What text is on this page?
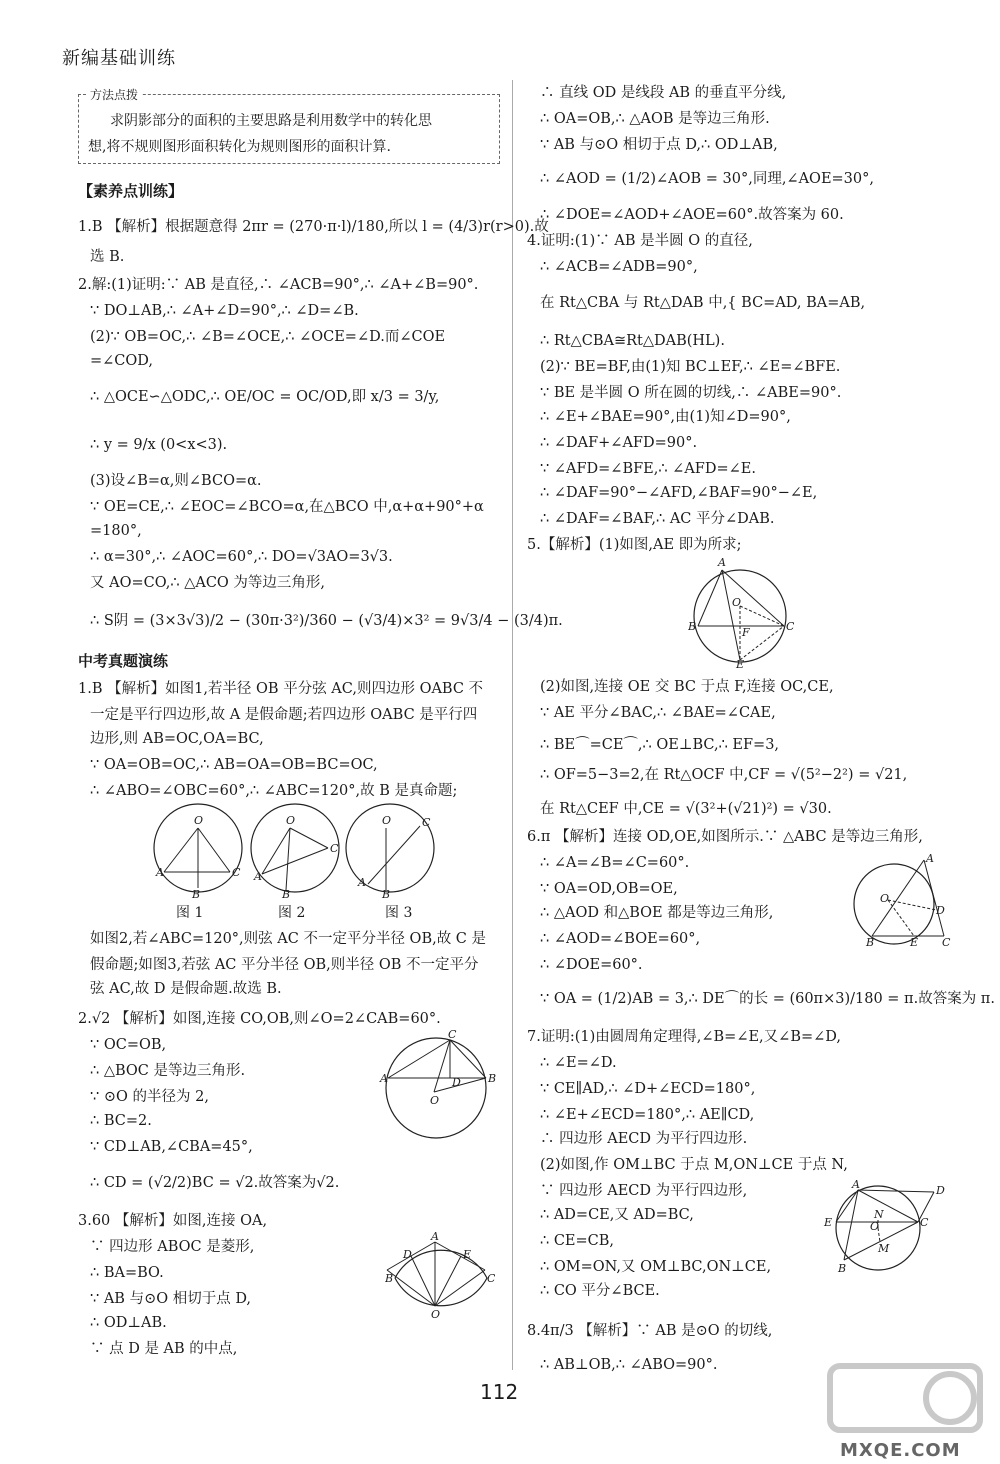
新编基础训练
方法点拨
求阴影部分的面积的主要思路是利用数学中的转化思
想,将不规则图形面积转化为规则图形的面积计算.
【素养点训练】
1.B 【解析】根据题意得 2πr = (270·π·l)/180,所以 l = (4/3)r(r>0).故
选 B.
2.解:(1)证明:∵ AB 是直径,∴ ∠ACB=90°,∴ ∠A+∠B=90°.
∵ DO⊥AB,∴ ∠A+∠D=90°,∴ ∠D=∠B.
(2)∵ OB=OC,∴ ∠B=∠OCE,∴ ∠OCE=∠D.而∠COE
=∠COD,
∴ △OCE∽△ODC,∴ OE/OC = OC/OD,即 x/3 = 3/y,
∴ y = 9/x (0<x<3).
(3)设∠B=α,则∠BCO=α.
∵ OE=CE,∴ ∠EOC=∠BCO=α,在△BCO 中,α+α+90°+α
=180°,
∴ α=30°,∴ ∠AOC=60°,∴ DO=√3AO=3√3.
又 AO=CO,∴ △ACO 为等边三角形,
∴ S阴 = (3×3√3)/2 − (30π·3²)/360 − (√3/4)×3² = 9√3/4 − (3/4)π.
中考真题演练
1.B 【解析】如图1,若半径 OB 平分弦 AC,则四边形 OABC 不
一定是平行四边形,故 A 是假命题;若四边形 OABC 是平行四
边形,则 AB=OC,OA=BC,
∵ OA=OB=OC,∴ AB=OA=OB=BC=OC,
∴ ∠ABO=∠OBC=60°,∴ ∠ABC=120°,故 B 是真命题;
O
A	C
B
O
A
C
B
O
A
C
B
图 1	图 2	图 3
如图2,若∠ABC=120°,则弦 AC 不一定平分半径 OB,故 C 是
假命题;如图3,若弦 AC 平分半径 OB,则半径 OB 不一定平分
弦 AC,故 D 是假命题.故选 B.
2.√2 【解析】如图,连接 CO,OB,则∠O=2∠CAB=60°.
∵ OC=OB,
∴ △BOC 是等边三角形.
∵ ⊙O 的半径为 2,
∴ BC=2.
∵ CD⊥AB,∠CBA=45°,
∴ CD = (√2/2)BC = √2.故答案为√2.
A	B
C
D
O
3.60 【解析】如图,连接 OA,
∵ 四边形 ABOC 是菱形,
∴ BA=BO.
∵ AB 与⊙O 相切于点 D,
∴ OD⊥AB.
∵ 点 D 是 AB 的中点,
A
D	E
B	C
O
∴ 直线 OD 是线段 AB 的垂直平分线,
∴ OA=OB,∴ △AOB 是等边三角形.
∵ AB 与⊙O 相切于点 D,∴ OD⊥AB,
∴ ∠AOD = (1/2)∠AOB = 30°,同理,∠AOE=30°,
∴ ∠DOE=∠AOD+∠AOE=60°.故答案为 60.
4.证明:(1)∵ AB 是半圆 O 的直径,
∴ ∠ACB=∠ADB=90°,
在 Rt△CBA 与 Rt△DAB 中,{ BC=AD, BA=AB,
∴ Rt△CBA≅Rt△DAB(HL).
(2)∵ BE=BF,由(1)知 BC⊥EF,∴ ∠E=∠BFE.
∵ BE 是半圆 O 所在圆的切线,∴ ∠ABE=90°.
∴ ∠E+∠BAE=90°,由(1)知∠D=90°,
∴ ∠DAF+∠AFD=90°.
∵ ∠AFD=∠BFE,∴ ∠AFD=∠E.
∴ ∠DAF=90°−∠AFD,∠BAF=90°−∠E,
∴ ∠DAF=∠BAF,∴ AC 平分∠DAB.
5.【解析】(1)如图,AE 即为所求;
A
B	C
O
F
E
(2)如图,连接 OE 交 BC 于点 F,连接 OC,CE,
∵ AE 平分∠BAC,∴ ∠BAE=∠CAE,
∴ BE⌒=CE⌒,∴ OE⊥BC,∴ EF=3,
∴ OF=5−3=2,在 Rt△OCF 中,CF = √(5²−2²) = √21,
在 Rt△CEF 中,CE = √(3²+(√21)²) = √30.
6.π 【解析】连接 OD,OE,如图所示.∵ △ABC 是等边三角形,
∴ ∠A=∠B=∠C=60°.
∵ OA=OD,OB=OE,
∴ △AOD 和△BOE 都是等边三角形,
∴ ∠AOD=∠BOE=60°,
∴ ∠DOE=60°.
A
B	C
D
E
O
∵ OA = (1/2)AB = 3,∴ DE⌒的长 = (60π×3)/180 = π.故答案为 π.
7.证明:(1)由圆周角定理得,∠B=∠E,又∠B=∠D,
∴ ∠E=∠D.
∵ CE∥AD,∴ ∠D+∠ECD=180°,
∴ ∠E+∠ECD=180°,∴ AE∥CD,
∴ 四边形 AECD 为平行四边形.
(2)如图,作 OM⊥BC 于点 M,ON⊥CE 于点 N,
∵ 四边形 AECD 为平行四边形,
∴ AD=CE,又 AD=BC,
∴ CE=CB,
∴ OM=ON,又 OM⊥BC,ON⊥CE,
∴ CO 平分∠BCE.
A	D
E	C
B
O
N
M
8.4π/3 【解析】∵ AB 是⊙O 的切线,
∴ AB⊥OB,∴ ∠ABO=90°.
112
MXQE.COM
